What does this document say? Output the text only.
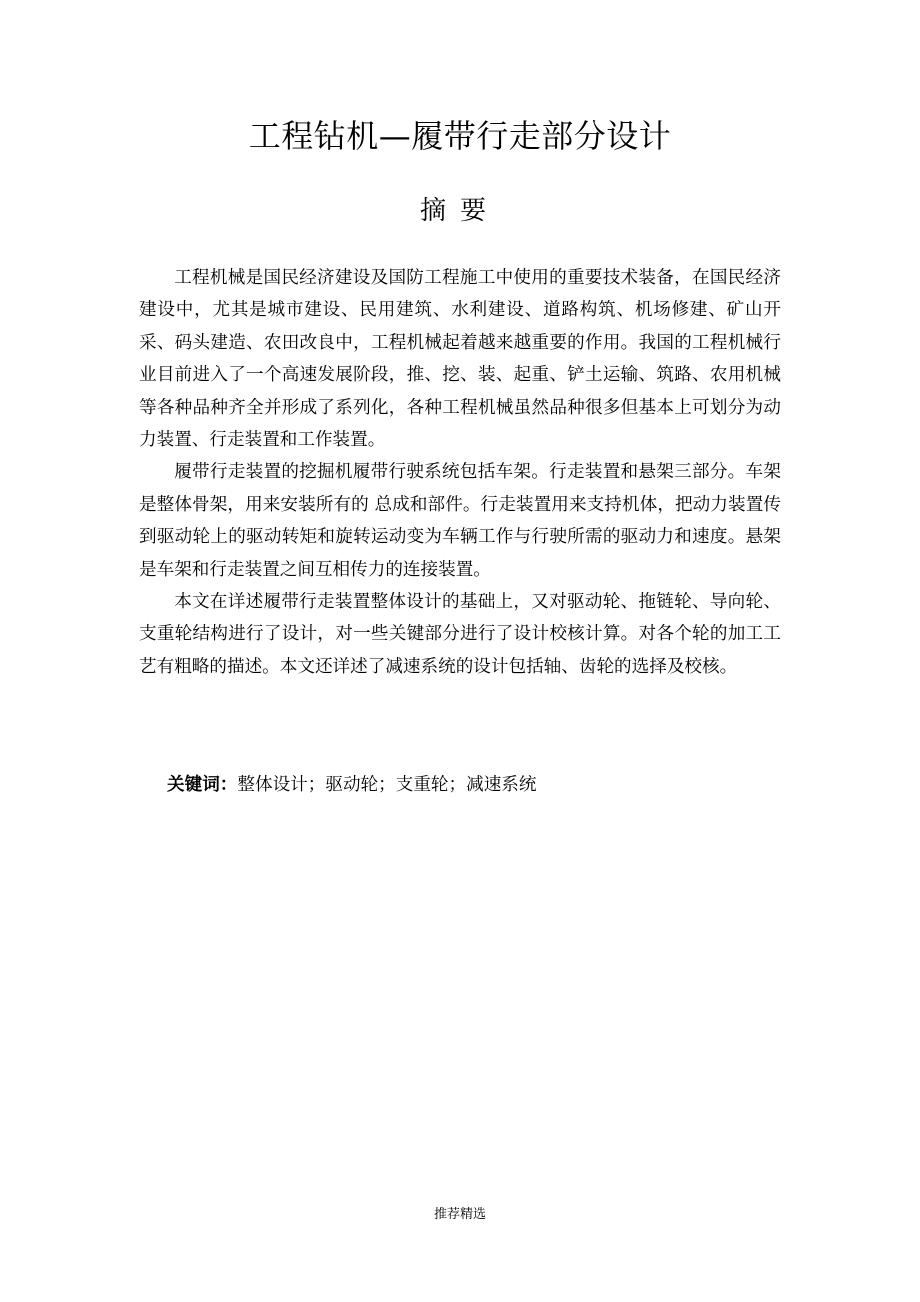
工程钻机—履带行走部分设计
摘要

工程机械是国民经济建设及国防工程施工中使用的重要技术装备，在国民经济建设中，尤其是城市建设、民用建筑、水利建设、道路构筑、机场修建、矿山开采、码头建造、农田改良中，工程机械起着越来越重要的作用。我国的工程机械行业目前进入了一个高速发展阶段，推、挖、装、起重、铲土运输、筑路、农用机械等各种品种齐全并形成了系列化，各种工程机械虽然品种很多但基本上可划分为动力装置、行走装置和工作装置。

履带行走装置的挖掘机履带行驶系统包括车架。行走装置和悬架三部分。车架是整体骨架，用来安装所有的 总成和部件。行走装置用来支持机体，把动力装置传到驱动轮上的驱动转矩和旋转运动变为车辆工作与行驶所需的驱动力和速度。悬架是车架和行走装置之间互相传力的连接装置。

本文在详述履带行走装置整体设计的基础上，又对驱动轮、拖链轮、导向轮、支重轮结构进行了设计，对一些关键部分进行了设计校核计算。对各个轮的加工工艺有粗略的描述。本文还详述了减速系统的设计包括轴、齿轮的选择及校核。

关键词：整体设计；驱动轮；支重轮；减速系统
推荐精选
